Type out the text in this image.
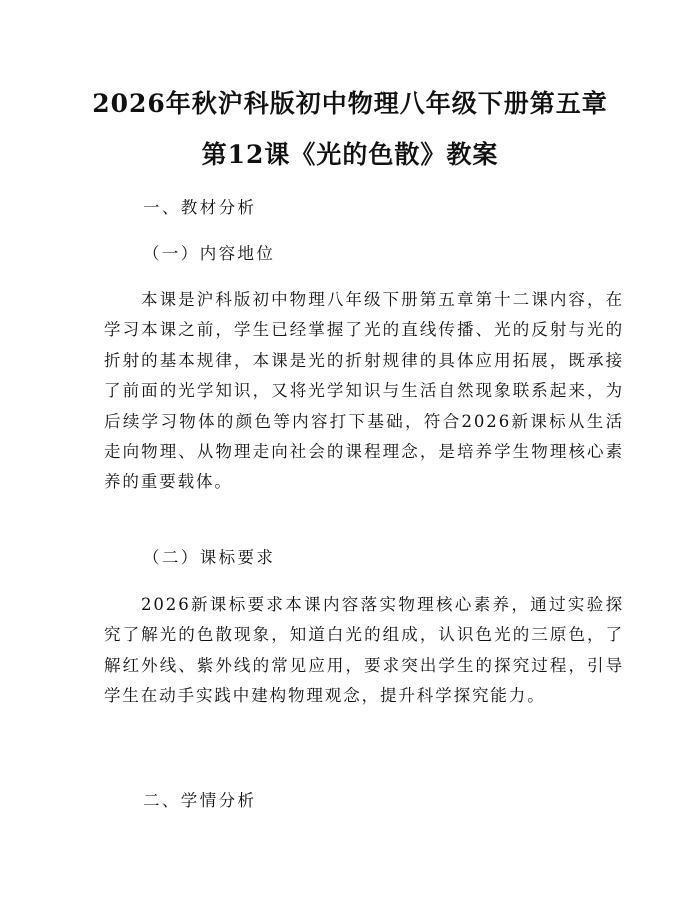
2026年秋沪科版初中物理八年级下册第五章
第12课《光的色散》教案
一、教材分析
（一）内容地位
本课是沪科版初中物理八年级下册第五章第十二课内容，在学习本课之前，学生已经掌握了光的直线传播、光的反射与光的折射的基本规律，本课是光的折射规律的具体应用拓展，既承接了前面的光学知识，又将光学知识与生活自然现象联系起来，为后续学习物体的颜色等内容打下基础，符合2026新课标从生活走向物理、从物理走向社会的课程理念，是培养学生物理核心素养的重要载体。
（二）课标要求
2026新课标要求本课内容落实物理核心素养，通过实验探究了解光的色散现象，知道白光的组成，认识色光的三原色，了解红外线、紫外线的常见应用，要求突出学生的探究过程，引导学生在动手实践中建构物理观念，提升科学探究能力。
二、学情分析
